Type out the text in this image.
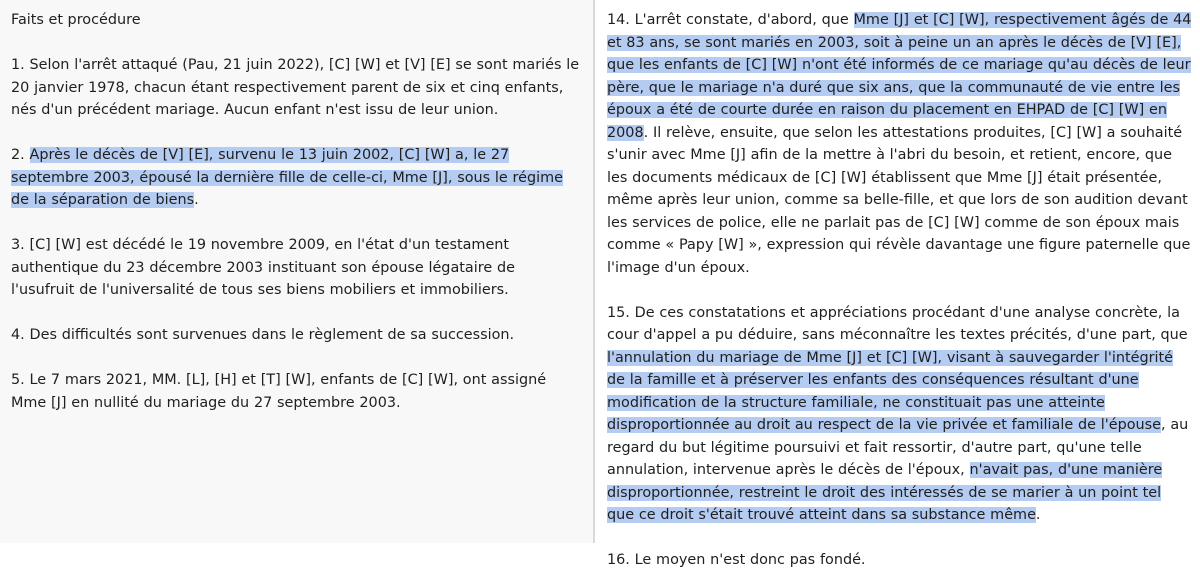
Faits et procédure

1. Selon l'arrêt attaqué (Pau, 21 juin 2022), [C] [W] et [V] [E] se sont mariés le 20 janvier 1978, chacun étant respectivement parent de six et cinq enfants, nés d'un précédent mariage. Aucun enfant n'est issu de leur union.

2. Après le décès de [V] [E], survenu le 13 juin 2002, [C] [W] a, le 27 septembre 2003, épousé la dernière fille de celle-ci, Mme [J], sous le régime de la séparation de biens.

3. [C] [W] est décédé le 19 novembre 2009, en l'état d'un testament authentique du 23 décembre 2003 instituant son épouse légataire de l'usufruit de l'universalité de tous ses biens mobiliers et immobiliers.

4. Des difficultés sont survenues dans le règlement de sa succession.

5. Le 7 mars 2021, MM. [L], [H] et [T] [W], enfants de [C] [W], ont assigné Mme [J] en nullité du mariage du 27 septembre 2003.

14. L'arrêt constate, d'abord, que Mme [J] et [C] [W], respectivement âgés de 44 et 83 ans, se sont mariés en 2003, soit à peine un an après le décès de [V] [E], que les enfants de [C] [W] n'ont été informés de ce mariage qu'au décès de leur père, que le mariage n'a duré que six ans, que la communauté de vie entre les époux a été de courte durée en raison du placement en EHPAD de [C] [W] en 2008. Il relève, ensuite, que selon les attestations produites, [C] [W] a souhaité s'unir avec Mme [J] afin de la mettre à l'abri du besoin, et retient, encore, que les documents médicaux de [C] [W] établissent que Mme [J] était présentée, même après leur union, comme sa belle-fille, et que lors de son audition devant les services de police, elle ne parlait pas de [C] [W] comme de son époux mais comme « Papy [W] », expression qui révèle davantage une figure paternelle que l'image d'un époux.

15. De ces constatations et appréciations procédant d'une analyse concrète, la cour d'appel a pu déduire, sans méconnaître les textes précités, d'une part, que l'annulation du mariage de Mme [J] et [C] [W], visant à sauvegarder l'intégrité de la famille et à préserver les enfants des conséquences résultant d'une modification de la structure familiale, ne constituait pas une atteinte disproportionnée au droit au respect de la vie privée et familiale de l'épouse, au regard du but légitime poursuivi et fait ressortir, d'autre part, qu'une telle annulation, intervenue après le décès de l'époux, n'avait pas, d'une manière disproportionnée, restreint le droit des intéressés de se marier à un point tel que ce droit s'était trouvé atteint dans sa substance même.

16. Le moyen n'est donc pas fondé.
